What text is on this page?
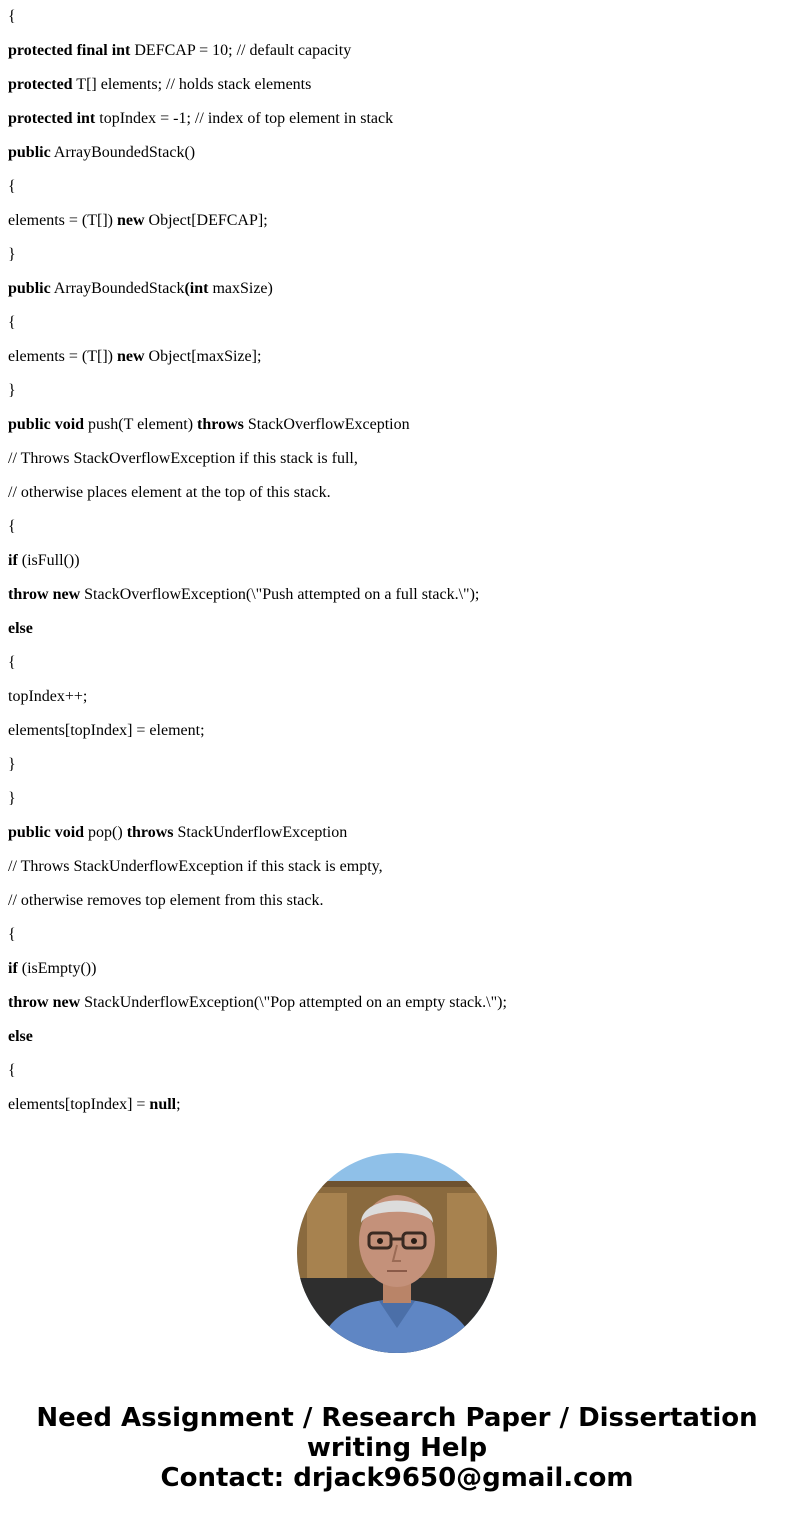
{
protected final int DEFCAP = 10; // default capacity
protected T[] elements; // holds stack elements
protected int topIndex = -1; // index of top element in stack
public ArrayBoundedStack()
{
elements = (T[]) new Object[DEFCAP];
}
public ArrayBoundedStack(int maxSize)
{
elements = (T[]) new Object[maxSize];
}
public void push(T element) throws StackOverflowException
// Throws StackOverflowException if this stack is full,
// otherwise places element at the top of this stack.
{
if (isFull())
throw new StackOverflowException(\"Push attempted on a full stack.\");
else
{
topIndex++;
elements[topIndex] = element;
}
}
public void pop() throws StackUnderflowException
// Throws StackUnderflowException if this stack is empty,
// otherwise removes top element from this stack.
{
if (isEmpty())
throw new StackUnderflowException(\"Pop attempted on an empty stack.\");
else
{
elements[topIndex] = null;
Need Assignment / Research Paper / Dissertation
writing Help
Contact: drjack9650@gmail.com
